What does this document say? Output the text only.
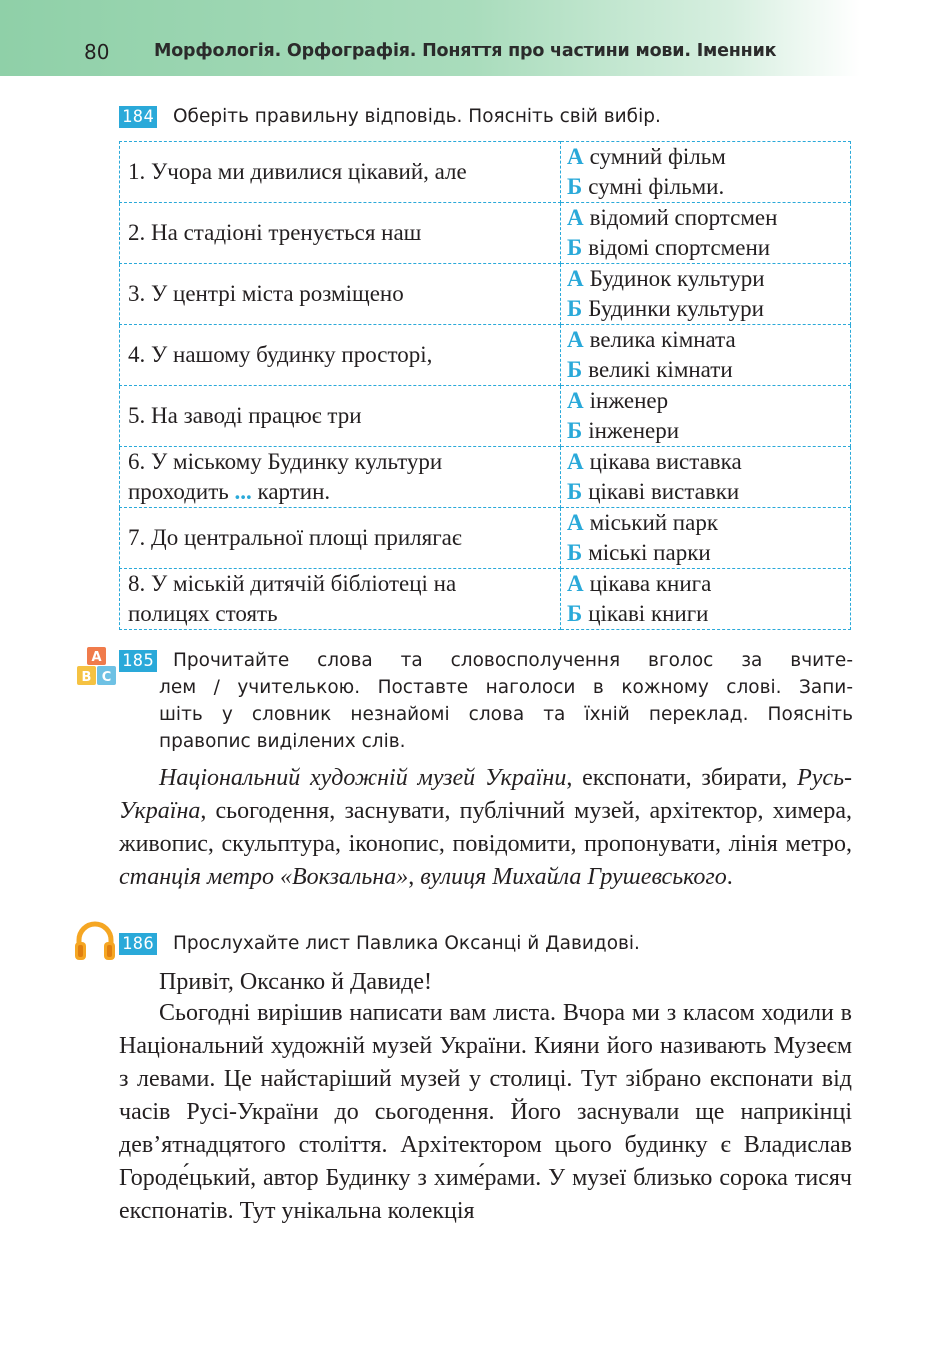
80	Морфологія. Орфографія. Поняття про частини мови. Іменник
184 Оберіть правильну відповідь. Поясніть свій вибір.
1. Учора ми дивилися цікавий, але	А сумний фільм
Б сумні фільми.

2. На стадіоні тренується наш	А відомий спортсмен
Б відомі спортсмени

3. У центрі міста розміщено	А Будинок культури
Б Будинки культури

4. У нашому будинку просторі,	А велика кімната
Б великі кімнати

5. На заводі працює три	А інженер
Б інженери

6. У міському Будинку культури
проходить ... картин.	А цікава виставка
Б цікаві виставки

7. До центральної площі прилягає	А міський парк
Б міські парки

8. У міській дитячій бібліотеці на
полицях стоять	А цікава книга
Б цікаві книги
A
B C
185 Прочитайте слова та словосполучення вголос за вчите-
лем / учителькою. Поставте наголоси в кожному слові. Запи-
шіть у словник незнайомі слова та їхній переклад. Поясніть
правопис виділених слів.
Національний художній музей України, експонати, збирати, Русь-Україна, сьогодення, заснувати, публічний музей, архітектор, химера, живопис, скульптура, іконопис, повідомити, пропонувати, лінія метро, станція метро «Вокзальна», вулиця Михайла Грушевського.
186 Прослухайте лист Павлика Оксанці й Давидові.
Привіт, Оксанко й Давиде!
Сьогодні вирішив написати вам листа. Вчора ми з класом ходили в Національний художній музей України. Кияни його називають Музеєм з левами. Це найстаріший музей у столиці. Тут зібрано експонати від часів Русі-України до сьогодення. Його заснували ще наприкінці дев’ятнадцятого століття. Архітектором цього будинку є Владислав Городе́цький, автор Будинку з химе́рами. У музеї близько сорока тисяч експонатів. Тут унікальна колекція
